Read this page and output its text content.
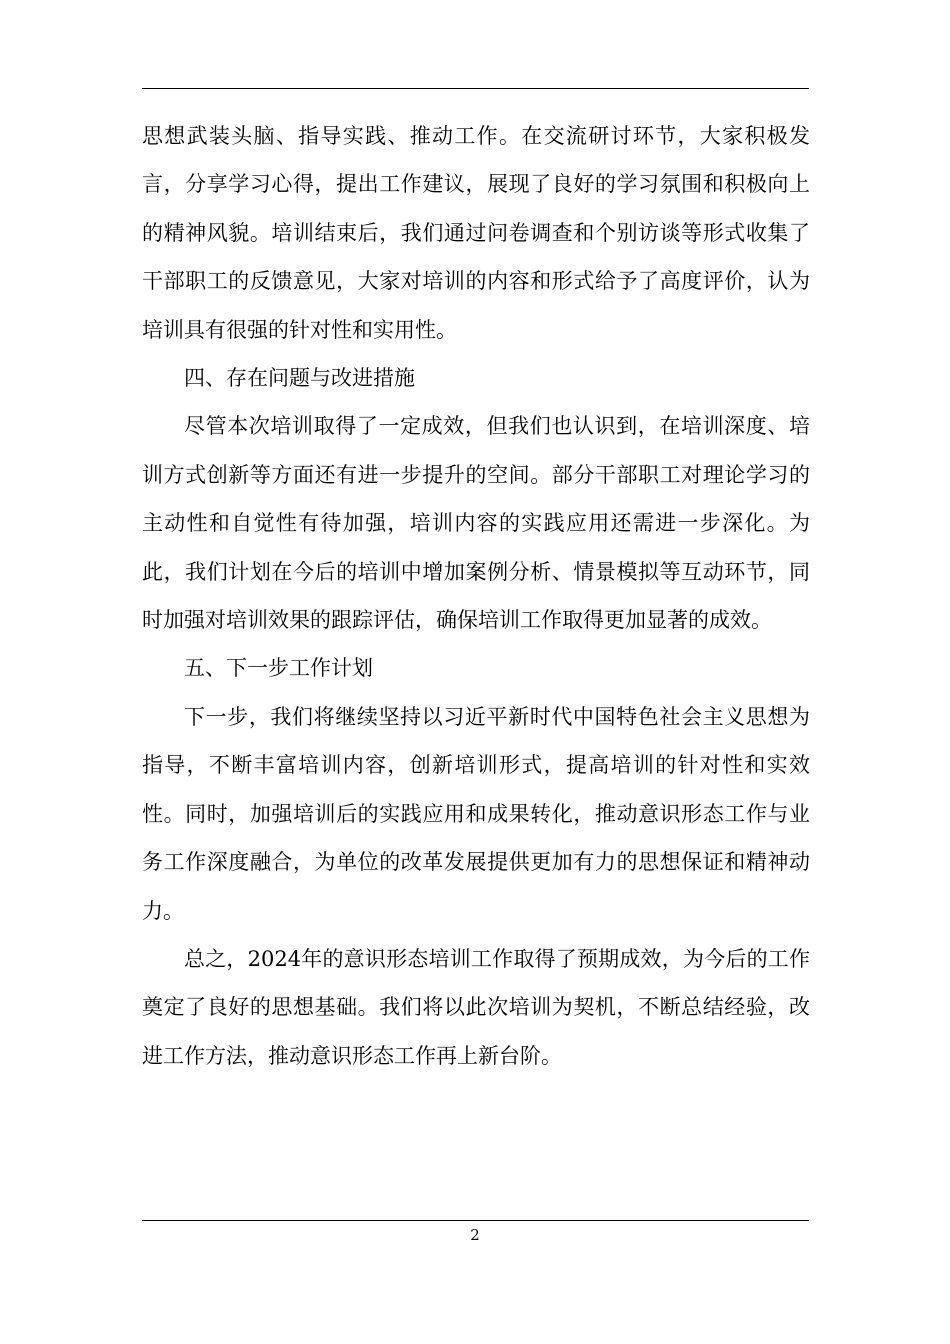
思想武装头脑、指导实践、推动工作。在交流研讨环节，大家积极发言，分享学习心得，提出工作建议，展现了良好的学习氛围和积极向上的精神风貌。培训结束后，我们通过问卷调查和个别访谈等形式收集了干部职工的反馈意见，大家对培训的内容和形式给予了高度评价，认为培训具有很强的针对性和实用性。

四、存在问题与改进措施

尽管本次培训取得了一定成效，但我们也认识到，在培训深度、培训方式创新等方面还有进一步提升的空间。部分干部职工对理论学习的主动性和自觉性有待加强，培训内容的实践应用还需进一步深化。为此，我们计划在今后的培训中增加案例分析、情景模拟等互动环节，同时加强对培训效果的跟踪评估，确保培训工作取得更加显著的成效。

五、下一步工作计划

下一步，我们将继续坚持以习近平新时代中国特色社会主义思想为指导，不断丰富培训内容，创新培训形式，提高培训的针对性和实效性。同时，加强培训后的实践应用和成果转化，推动意识形态工作与业务工作深度融合，为单位的改革发展提供更加有力的思想保证和精神动力。

总之，2024年的意识形态培训工作取得了预期成效，为今后的工作奠定了良好的思想基础。我们将以此次培训为契机，不断总结经验，改进工作方法，推动意识形态工作再上新台阶。

2
